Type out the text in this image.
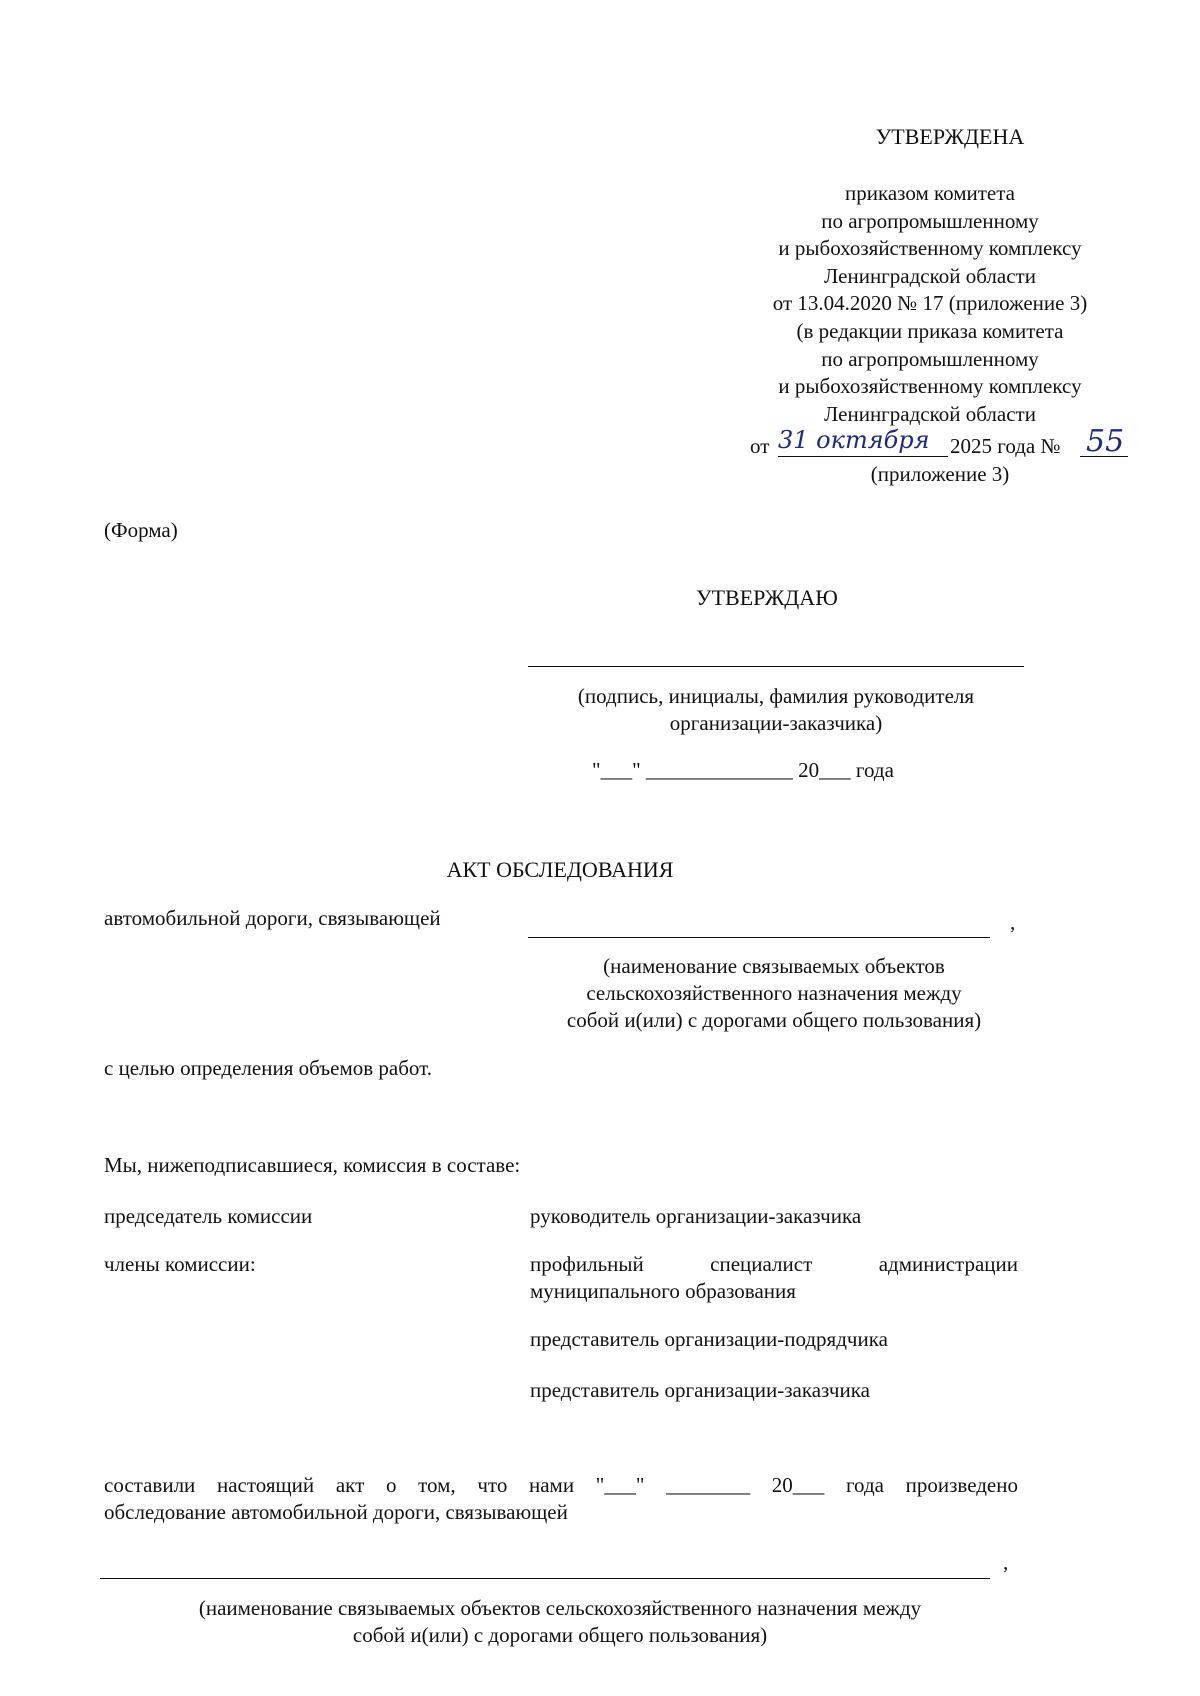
УТВЕРЖДЕНА
приказом комитета
по агропромышленному
и рыбохозяйственному комплексу
Ленинградской области
от 13.04.2020 № 17 (приложение 3)
(в редакции приказа комитета
по агропромышленному
и рыбохозяйственному комплексу
Ленинградской области
от 31 октября 2025 года № 55
(приложение 3)
(Форма)
УТВЕРЖДАЮ
(подпись, инициалы, фамилия руководителя
организации-заказчика)
"___" ______________ 20___ года
АКТ ОБСЛЕДОВАНИЯ
автомобильной дороги, связывающей	,
(наименование связываемых объектов
сельскохозяйственного назначения между
собой и(или) с дорогами общего пользования)
с целью определения объемов работ.
Мы, нижеподписавшиеся, комиссия в составе:
председатель комиссии	руководитель организации-заказчика
члены комиссии:	профильный специалист администрации
муниципального образования
представитель организации-подрядчика
представитель организации-заказчика
составили настоящий акт о том, что нами "___" ________ 20___ года произведено
обследование автомобильной дороги, связывающей
,
(наименование связываемых объектов сельскохозяйственного назначения между
собой и(или) с дорогами общего пользования)
